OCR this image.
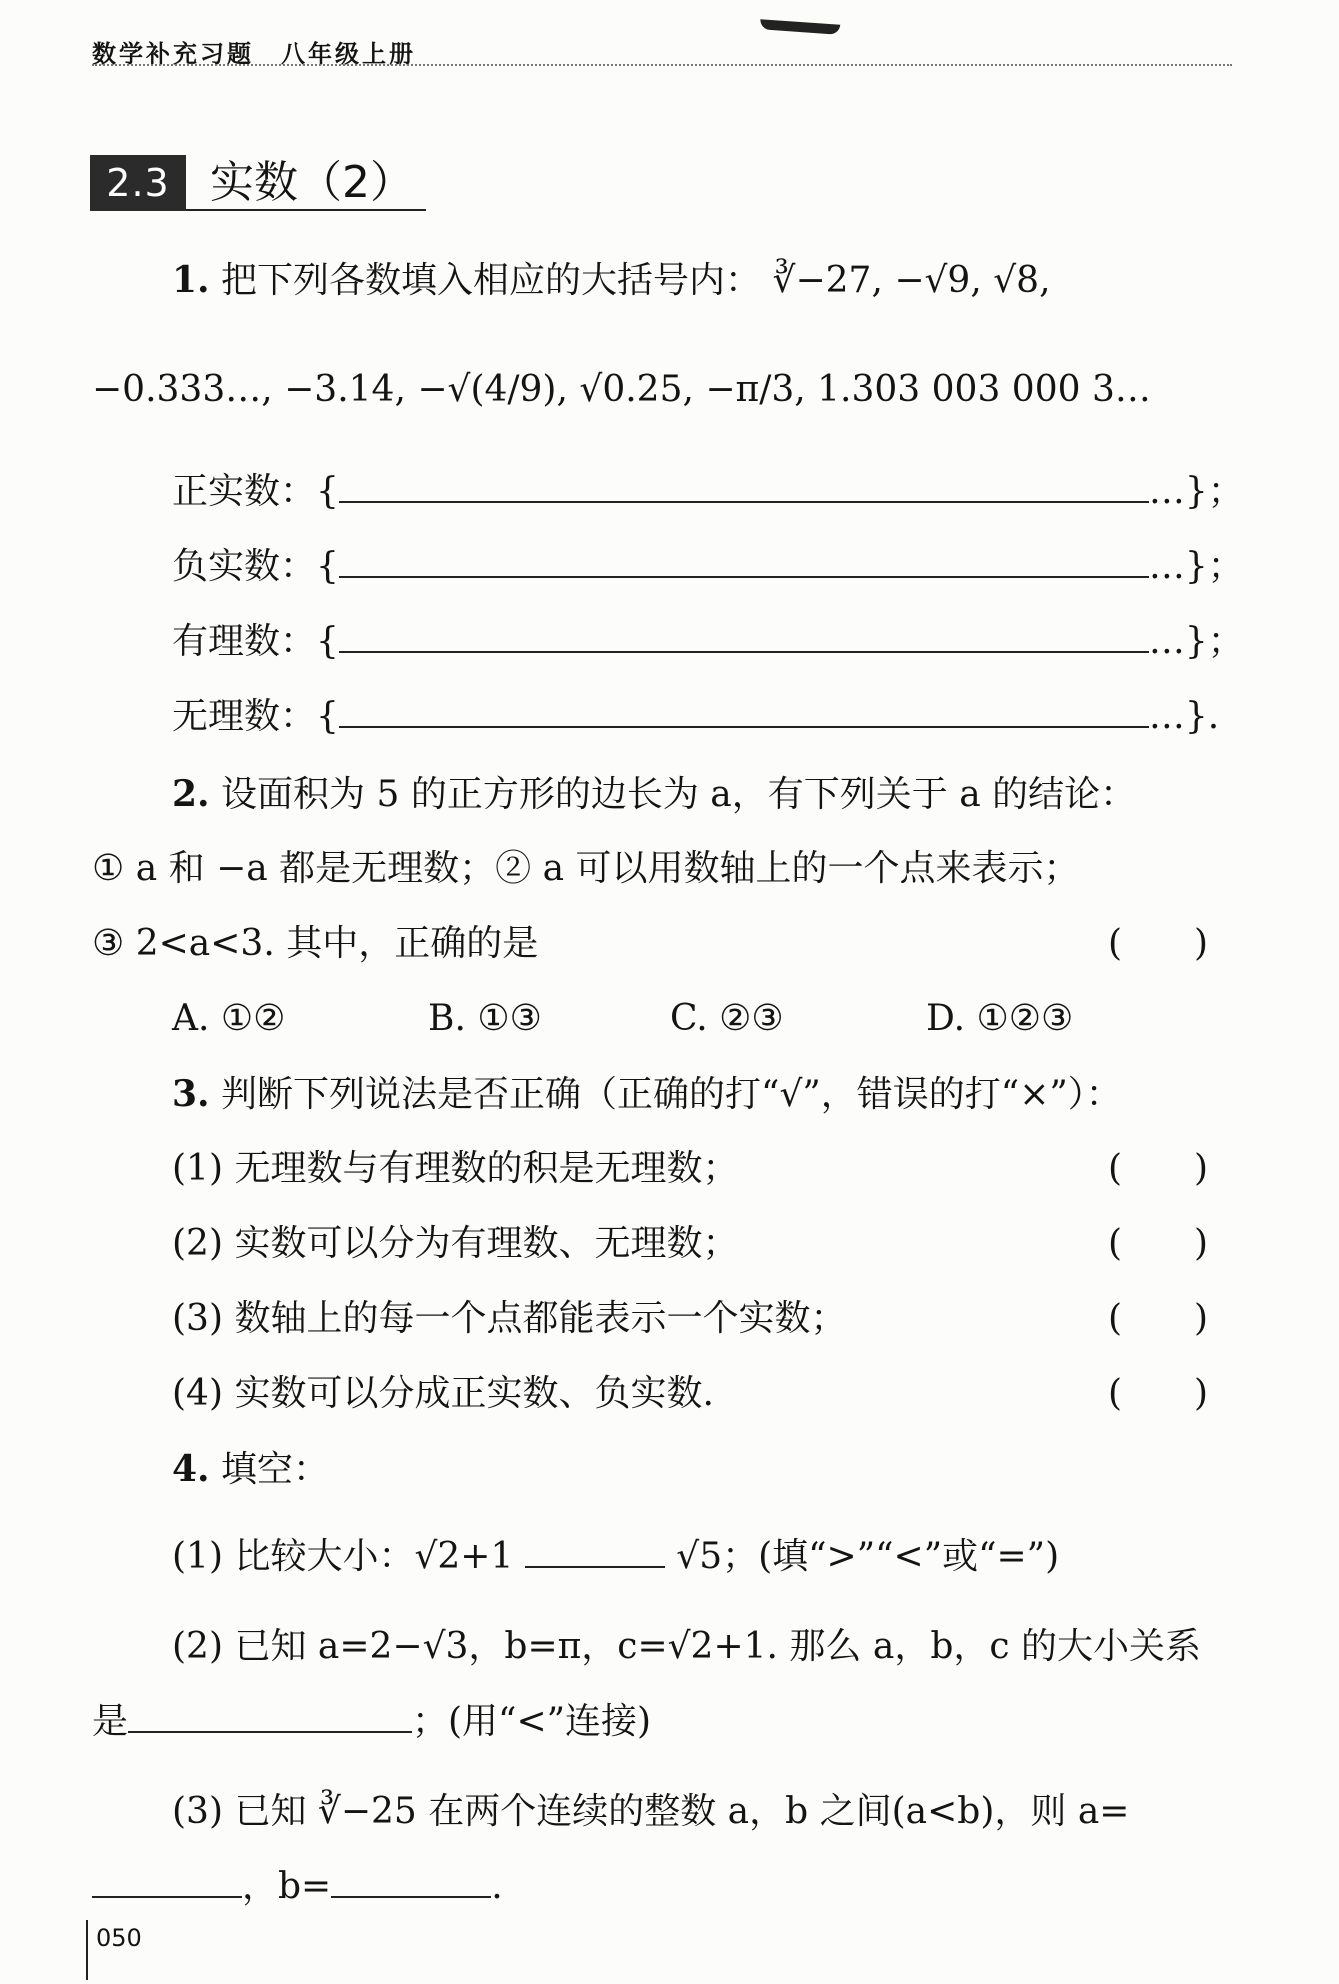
数学补充习题　八年级上册
2.3 实数（2）
1. 把下列各数填入相应的大括号内： ∛−27, −√9, √8,
−0.333…, −3.14, −√(4/9), √0.25, −π/3, 1.303 003 000 3…
正实数：{	…}；
负实数：{	…}；
有理数：{	…}；
无理数：{	…}.
2. 设面积为 5 的正方形的边长为 a，有下列关于 a 的结论：
① a 和 −a 都是无理数；② a 可以用数轴上的一个点来表示；
③ 2<a<3. 其中，正确的是	(　　)
A. ①②	B. ①③	C. ②③	D. ①②③
3. 判断下列说法是否正确（正确的打“√”，错误的打“×”）：
(1) 无理数与有理数的积是无理数；	(　　)
(2) 实数可以分为有理数、无理数；	(　　)
(3) 数轴上的每一个点都能表示一个实数；	(　　)
(4) 实数可以分成正实数、负实数.	(　　)
4. 填空：
(1) 比较大小：√2+1	√5；(填“>”“<”或“=”)
(2) 已知 a=2−√3，b=π，c=√2+1. 那么 a，b，c 的大小关系
是	；(用“<”连接)
(3) 已知 ∛−25 在两个连续的整数 a，b 之间(a<b)，则 a=
，b=	.
050
